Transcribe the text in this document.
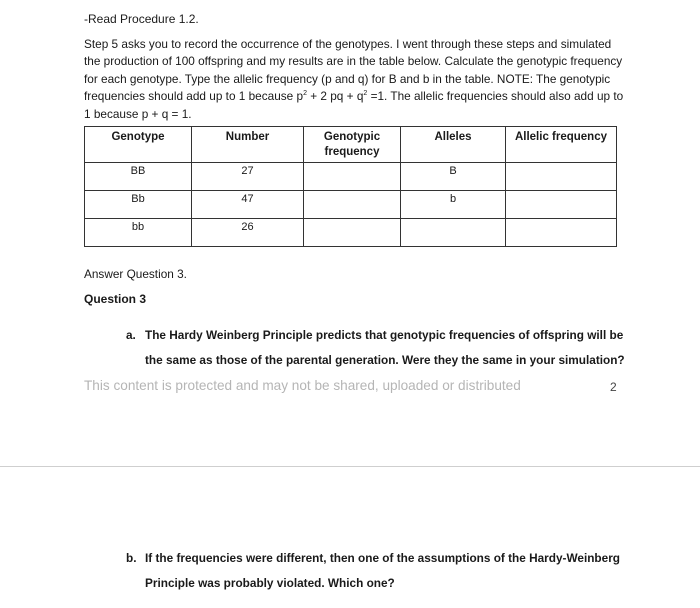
-Read Procedure 1.2.
Step 5 asks you to record the occurrence of the genotypes. I went through these steps and simulated the production of 100 offspring and my results are in the table below. Calculate the genotypic frequency for each genotype. Type the allelic frequency (p and q) for B and b in the table. NOTE: The genotypic frequencies should add up to 1 because $p^2 + 2$ pq + $q^2 =1$. The allelic frequencies should also add up to 1 because p + q = 1.
Genotype	Number	Genotypic frequency	Alleles	Allelic frequency
BB	27		B	
Bb	47		b	
bb	26			
Answer Question 3.
Question 3
a. The Hardy Weinberg Principle predicts that genotypic frequencies of offspring will be the same as those of the parental generation. Were they the same in your simulation?
This content is protected and may not be shared, uploaded or distributed	2
b. If the frequencies were different, then one of the assumptions of the Hardy-Weinberg Principle was probably violated. Which one?
